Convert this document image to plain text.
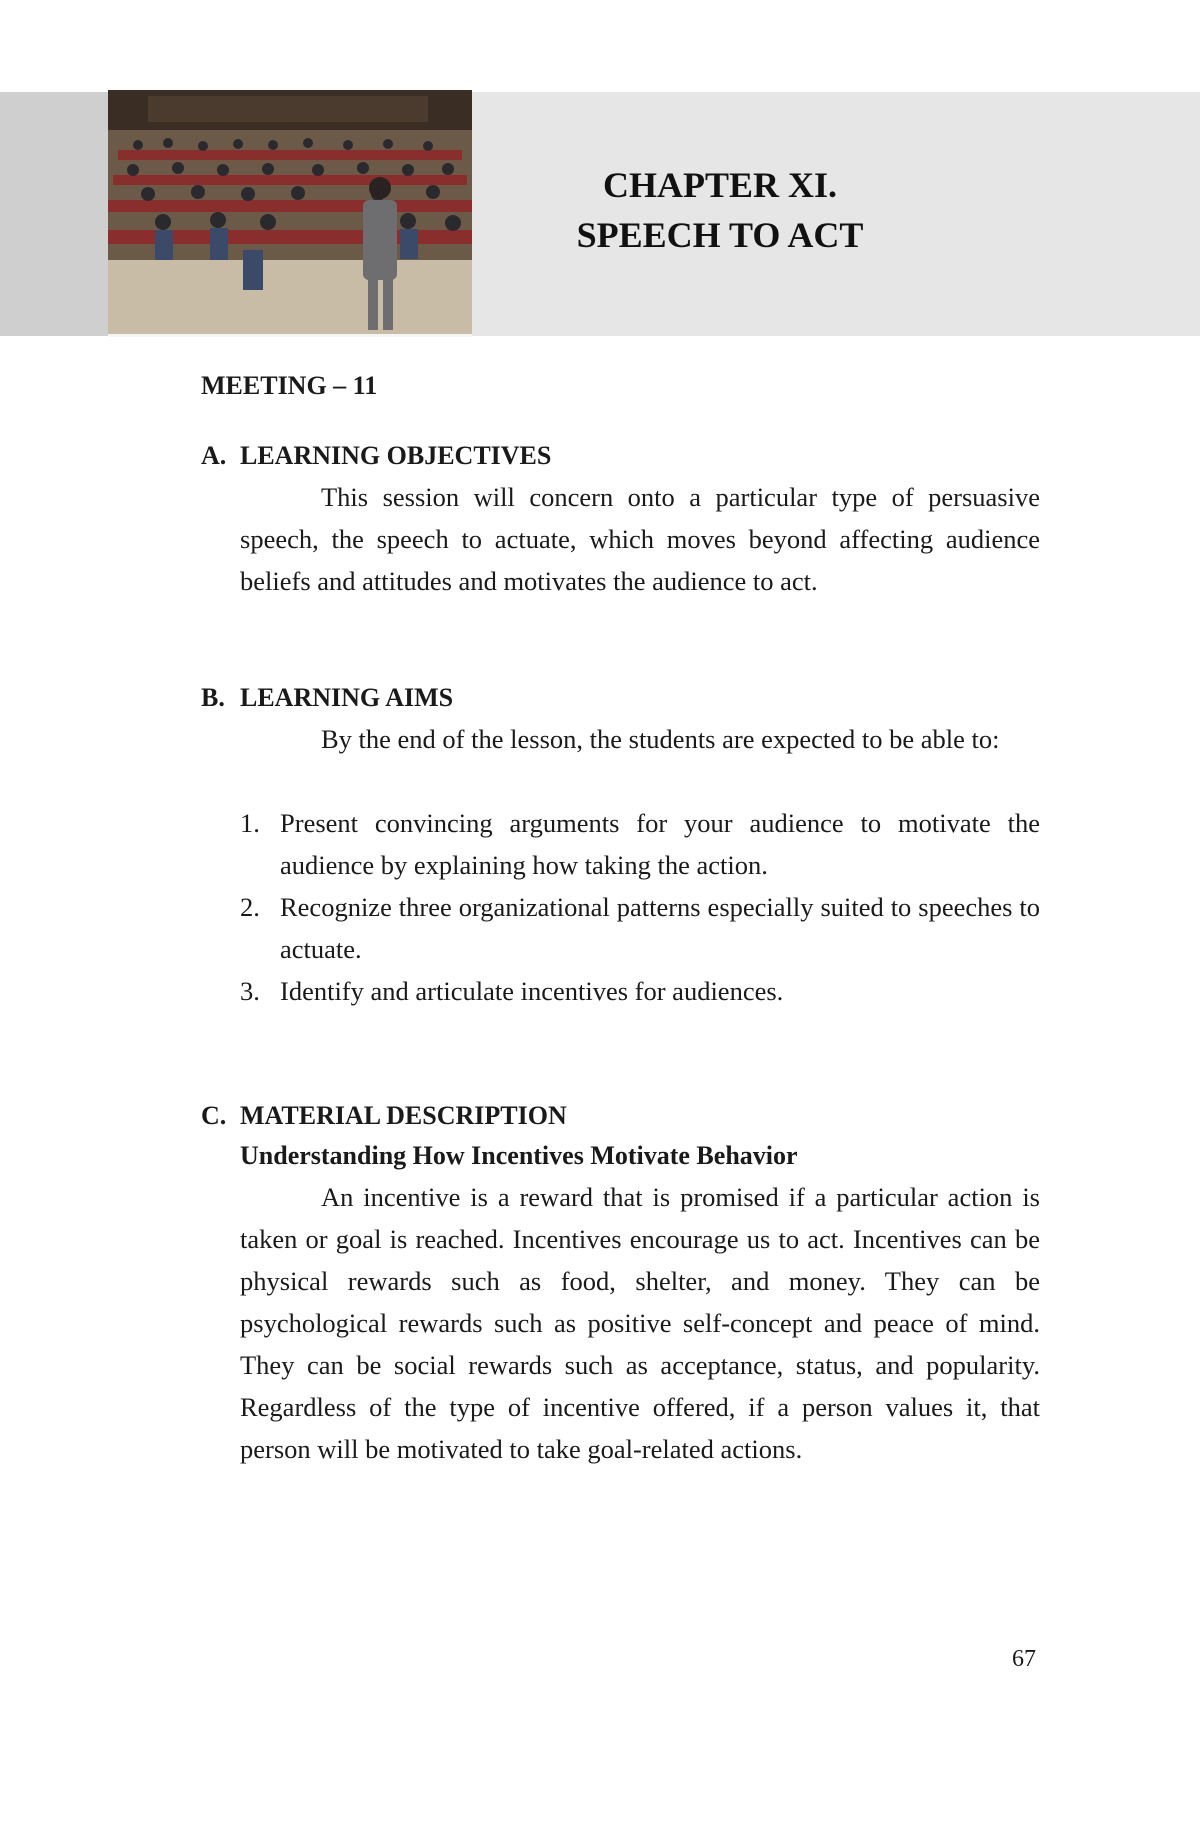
CHAPTER XI.
SPEECH TO ACT
MEETING – 11
A. LEARNING OBJECTIVES

This session will concern onto a particular type of persuasive speech, the speech to actuate, which moves beyond affecting audience beliefs and attitudes and motivates the audience to act.

B. LEARNING AIMS

By the end of the lesson, the students are expected to be able to:

1. Present convincing arguments for your audience to motivate the audience by explaining how taking the action.
2. Recognize three organizational patterns especially suited to speeches to actuate.
3. Identify and articulate incentives for audiences.
C. MATERIAL DESCRIPTION
Understanding How Incentives Motivate Behavior

An incentive is a reward that is promised if a particular action is taken or goal is reached. Incentives encourage us to act. Incentives can be physical rewards such as food, shelter, and money. They can be psychological rewards such as positive self-concept and peace of mind. They can be social rewards such as acceptance, status, and popularity. Regardless of the type of incentive offered, if a person values it, that person will be motivated to take goal-related actions.

67
